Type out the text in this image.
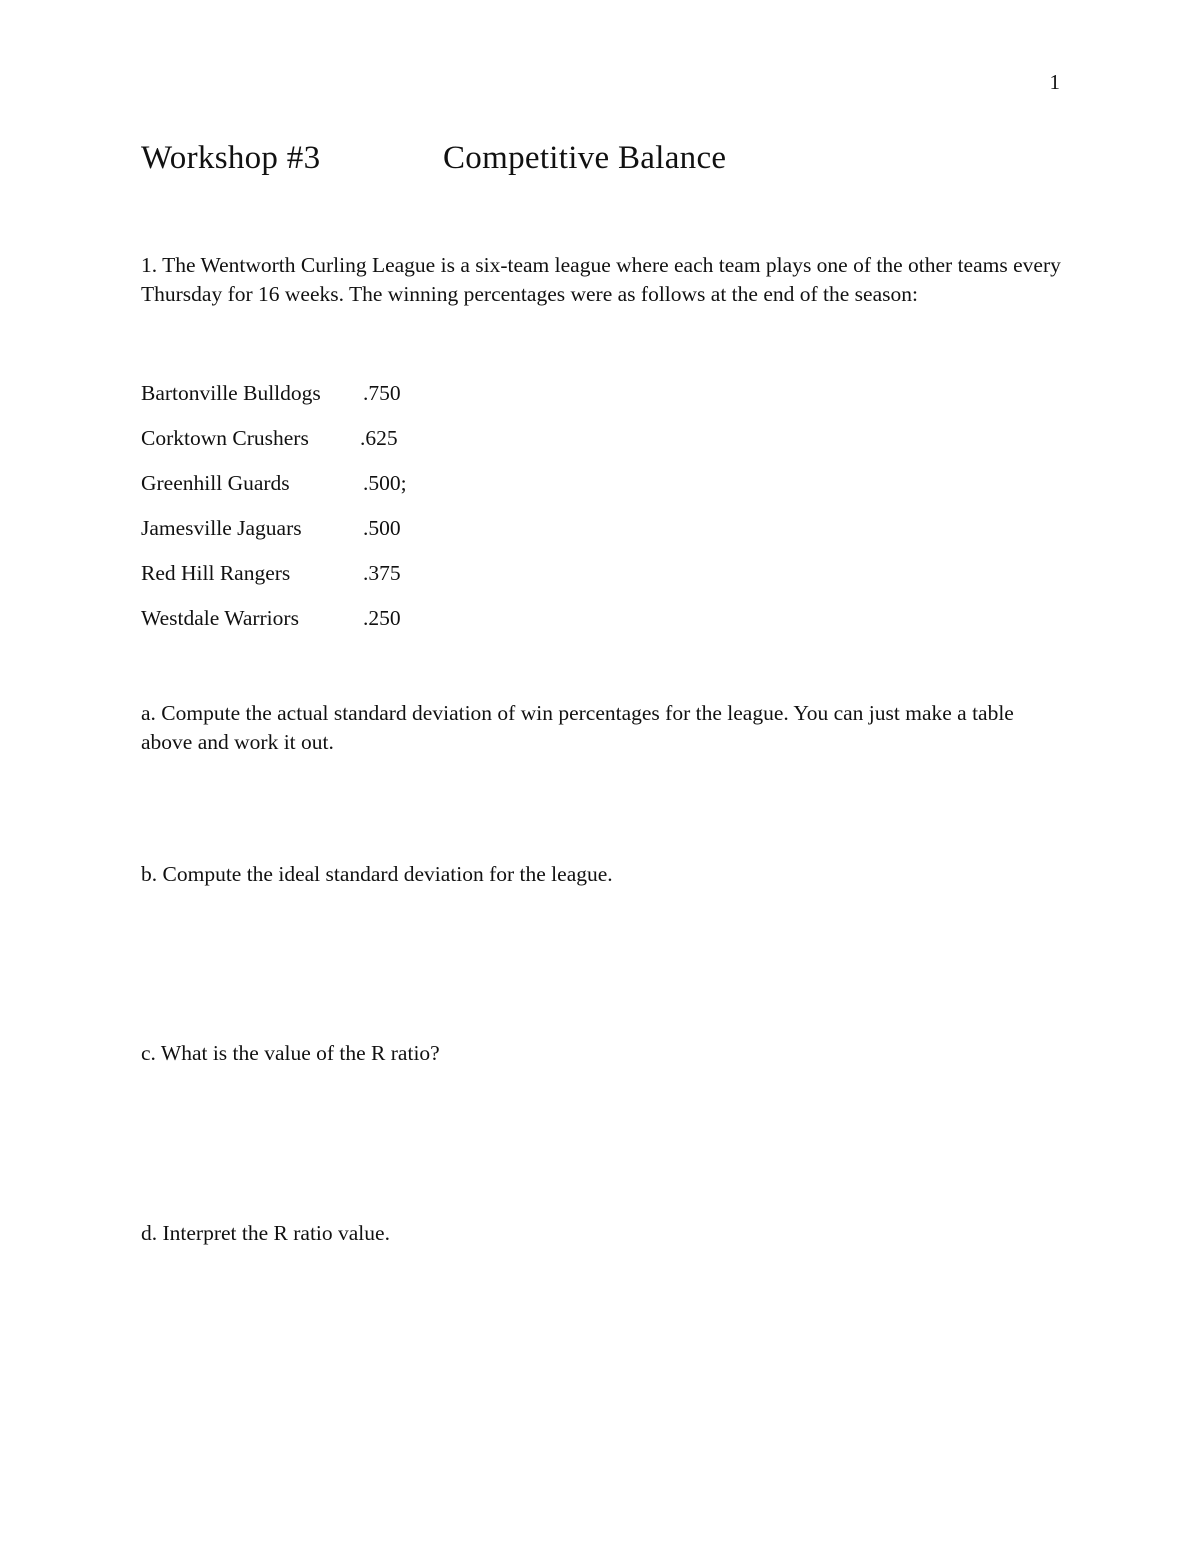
1
Workshop #3	Competitive Balance
1. The Wentworth Curling League is a six-team league where each team plays one of the other teams every Thursday for 16 weeks. The winning percentages were as follows at the end of the season:
Bartonville Bulldogs .750
Corktown Crushers .625
Greenhill Guards	.500;
Jamesville Jaguars	.500
Red Hill Rangers	.375
Westdale Warriors	.250
a. Compute the actual standard deviation of win percentages for the league. You can just make a table above and work it out.
b. Compute the ideal standard deviation for the league.
c. What is the value of the R ratio?
d. Interpret the R ratio value.
